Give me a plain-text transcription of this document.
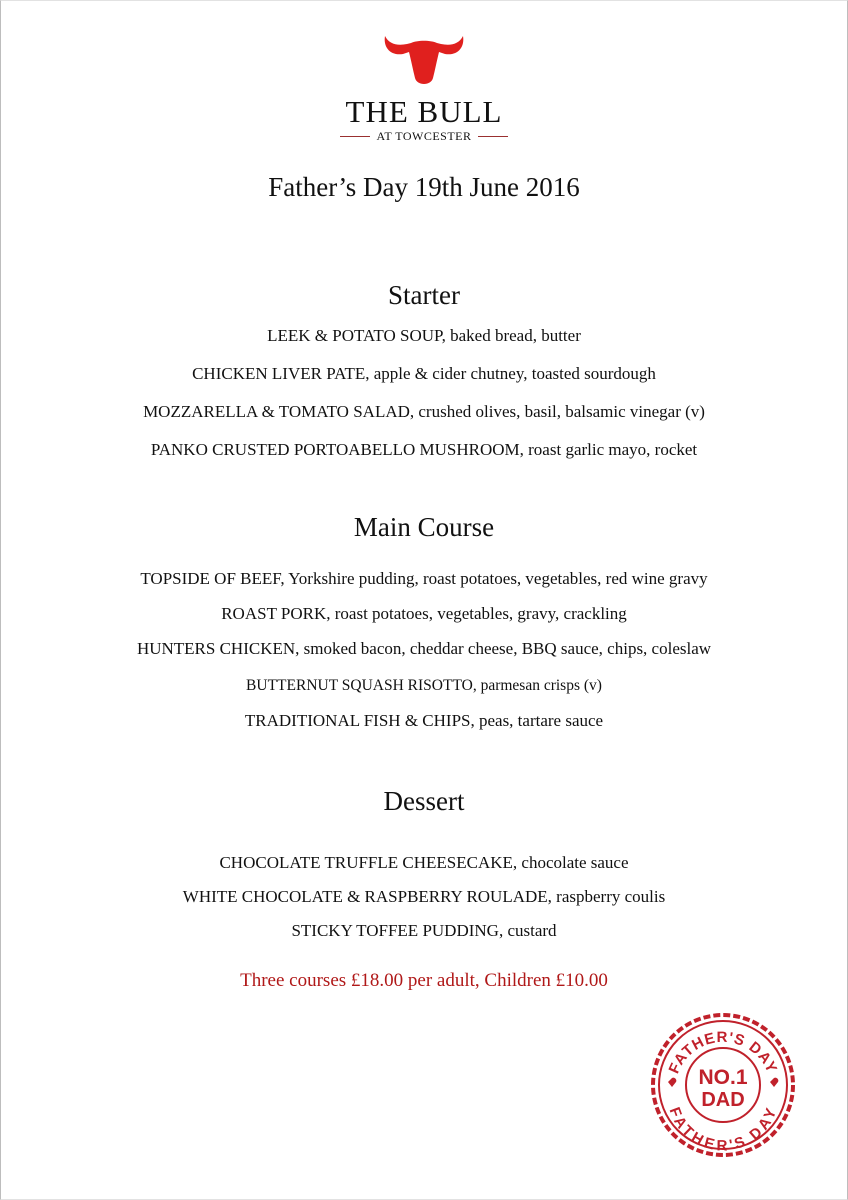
THE BULL
AT TOWCESTER
Father’s Day 19th June 2016
Starter
LEEK & POTATO SOUP, baked bread, butter
CHICKEN LIVER PATE, apple & cider chutney, toasted sourdough
MOZZARELLA & TOMATO SALAD, crushed olives, basil, balsamic vinegar (v)
PANKO CRUSTED PORTOABELLO MUSHROOM, roast garlic mayo, rocket
Main Course
TOPSIDE OF BEEF, Yorkshire pudding, roast potatoes, vegetables, red wine gravy
ROAST PORK, roast potatoes, vegetables, gravy, crackling
HUNTERS CHICKEN, smoked bacon, cheddar cheese, BBQ sauce, chips, coleslaw
BUTTERNUT SQUASH RISOTTO, parmesan crisps (v)
TRADITIONAL FISH & CHIPS, peas, tartare sauce
Dessert
CHOCOLATE TRUFFLE CHEESECAKE, chocolate sauce
WHITE CHOCOLATE & RASPBERRY ROULADE, raspberry coulis
STICKY TOFFEE PUDDING, custard
Three courses £18.00 per adult, Children £10.00
FATHER'S DAY
FATHER'S DAY
NO.1
DAD
